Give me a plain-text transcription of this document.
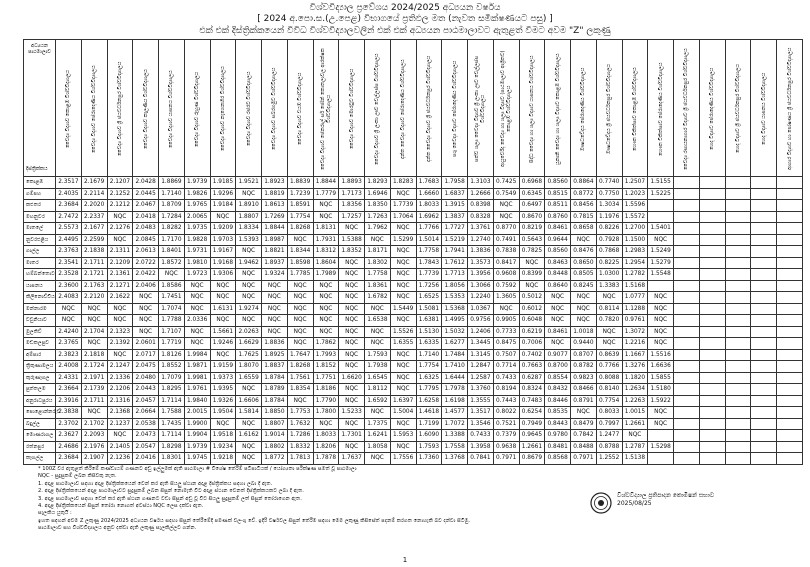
විශ්වවිද්‍යාල ප්‍රවේශය 2024/2025 අධ්‍යයන වර්ෂය
[ 2024 අ.පො.ස.(උ.පෙළ) විභාගයේ ප්‍රතිඵල මත (නැවත සමීක්ෂණයට පසු) ]
එක් එක් දිස්ත්‍රික්කයෙන් විවිධ විශ්වවිද්‍යාලවලින් එක් එක් අධ්‍යයන පාඨමාලාවට ඇතුළත් වීමට අවම "Z" ලකුණු
අධ්‍යයන පාඨමාලාව
දිස්ත්‍රික්කය	වෛද්‍ය විද්‍යාව කොළඹ විශ්වවිද්‍යාලය	වෛද්‍ය විද්‍යාව පේරාදෙණිය විශ්වවිද්‍යාලය	වෛද්‍ය විද්‍යාව ශ්‍රී ජයවර්ධනපුර විශ්වවිද්‍යාලය	වෛද්‍ය විද්‍යාව කැලණිය විශ්වවිද්‍යාලය	වෛද්‍ය විද්‍යාව යාපනය විශ්වවිද්‍යාලය	වෛද්‍ය විද්‍යාව රුහුණ විශ්වවිද්‍යාලය	වෛද්‍ය විද්‍යාව නැගෙනහිර විශ්වවිද්‍යාලය	වෛද්‍ය විද්‍යාව රජරට විශ්වවිද්‍යාලය	වෛද්‍ය විද්‍යාව සබරගමුව විශ්වවිද්‍යාලය	වෛද්‍ය විද්‍යාව වයඹ විශ්වවිද්‍යාලය	වෛද්‍ය විද්‍යාව ජෙනරාල් සර් ජෝන් කොතලාවල ආරක්ෂක විශ්වවිද්‍යාලය	වෛද්‍ය විද්‍යාව මොරටුව විශ්වවිද්‍යාලය	වෛද්‍ය විද්‍යාව ශ්‍රී ලංකා ඌව වෙල්ලස්ස විශ්වවිද්‍යාලය	දන්ත වෛද්‍ය විද්‍යාව පේරාදෙණිය විශ්වවිද්‍යාලය	දන්ත වෛද්‍ය විද්‍යාව ශ්‍රී ජයවර්ධනපුර විශ්වවිද්‍යාලය	පශු වෛද්‍ය විද්‍යාව පේරාදෙණිය විශ්වවිද්‍යාලය	සත්ව ශල්‍ය වෛද්‍ය විද්‍යාව ශ්‍රී ලංකා ඌව වෙල්ලස්ස විශ්වවිද්‍යාලය	ආයුර්වේද වෛද්‍ය හා ශල්‍ය විද්‍යාව (පාඨමාලාව ආශ්‍රිතව) කොළඹ විශ්වවිද්‍යාලය	සිද්ධ වෛද්‍ය හා ශල්‍ය විද්‍යාව යාපනය විශ්වවිද්‍යාලය	යුනානි වෛද්‍ය හා ශල්‍ය විද්‍යාව කොළඹ විශ්වවිද්‍යාලය	ඖෂධවේදය පේරාදෙණිය විශ්වවිද්‍යාලය	ඖෂධවේදය ශ්‍රී ජයවර්ධනපුර විශ්වවිද්‍යාලය	භෞත චිකිත්සාව කොළඹ විශ්වවිද්‍යාලය	භෞත චිකිත්සාව පේරාදෙණිය විශ්වවිද්‍යාලය	වෛද්‍ය රසායනාගාර විද්‍යාව ශ්‍රී ජයවර්ධනපුර විශ්වවිද්‍යාලය	හෙද විද්‍යාව පේරාදෙණිය විශ්වවිද්‍යාලය	හෙද විද්‍යාව ශ්‍රී ජයවර්ධනපුර විශ්වවිද්‍යාලය	හෙද විද්‍යාව යාපනය විශ්වවිද්‍යාලය	ආහාර විද්‍යාව හා පෝෂණය ශ්‍රී ජයවර්ධනපුර විශ්වවිද්‍යාලය

කොළඹ	2.3517	2.1679	2.1207	2.0428	1.8869	1.9739	1.9185	1.9521	1.8923	1.8839	1.8844	1.8893	1.8293	1.8283	1.7683	1.7958	1.3103	0.7425	0.6968	0.8560	0.8864	0.7740	1.2507	1.5155					
ගම්පහ	2.4035	2.2114	2.1252	2.0445	1.7140	1.9826	1.9296	NQC	1.8819	1.7239	1.7779	1.7173	1.6946	NQC	1.6660	1.6837	1.2666	0.7549	0.6345	0.8515	0.8772	0.7750	1.2023	1.5225					
කළුතර	2.3684	2.2020	2.1212	2.0467	1.8709	1.9765	1.9184	1.8910	1.8613	1.8591	NQC	1.8356	1.8350	1.7739	1.8033	1.3915	0.8398	NQC	0.6497	0.8511	0.8456	1.3034	1.5596						
මහනුවර	2.7472	2.2337	NQC	2.0418	1.7284	2.0065	NQC	1.8807	1.7269	1.7754	NQC	1.7257	1.7263	1.7064	1.6962	1.3837	0.8328	NQC	0.8670	0.8760	0.7815	1.1976	1.5572						
මාතලේ	2.5573	2.1677	2.1276	2.0483	1.8282	1.9735	1.9209	1.8334	1.8844	1.8268	1.8131	NQC	1.7962	NQC	1.7766	1.7727	1.3761	0.8770	0.8219	0.8461	0.8658	0.8226	1.2700	1.5401					
නුවරඑළිය	2.4495	2.2599	NQC	2.0845	1.7170	1.9828	1.9703	1.5393	1.8987	NQC	1.7931	1.5388	NQC	1.5299	1.5014	1.5219	1.2740	0.7491	0.5643	0.9644	NQC	0.7928	1.1500	NQC					
ගාල්ල	2.3763	2.1838	2.1311	2.0613	1.8401	1.9731	1.9167	NQC	1.8821	1.8344	1.8312	1.8352	1.8171	NQC	1.7758	1.7941	1.3836	0.7838	0.7825	0.8560	0.8476	0.7868	1.2983	1.5249					
මාතර	2.3541	2.1711	2.1209	2.0722	1.8572	1.9810	1.9168	1.9462	1.8937	1.8598	1.8604	NQC	1.8302	NQC	1.7843	1.7612	1.3573	0.8417	NQC	0.8463	0.8650	0.8225	1.2954	1.5279					
හම්බන්තොට	2.3528	2.1721	2.1361	2.0422	NQC	1.9723	1.9306	NQC	1.9324	1.7785	1.7989	NQC	1.7758	NQC	1.7739	1.7713	1.3956	0.9608	0.8399	0.8448	0.8505	1.0300	1.2782	1.5548					
යාපනය	2.3600	2.1763	2.1271	2.0406	1.8586	NQC	NQC	NQC	NQC	NQC	NQC	NQC	1.8361	NQC	1.7256	1.8056	1.3066	0.7592	NQC	0.8640	0.8245	1.3383	1.5168						
කිලිනොච්චිය	2.4083	2.2120	2.1622	NQC	1.7451	NQC	NQC	NQC	NQC	NQC	NQC	NQC	1.6782	NQC	1.6525	1.5353	1.2240	1.3605	0.5012	NQC	NQC	NQC	1.0777	NQC					
මන්නාරම	NQC	NQC	NQC	NQC	1.7074	NQC	1.6131	1.9274	NQC	NQC	NQC	NQC	NQC	1.5449	1.5081	1.5368	1.0367	NQC	0.6012	NQC	NQC	0.8114	1.1288	NQC					
වවුනියාව	NQC	NQC	NQC	NQC	1.7788	2.0336	NQC	NQC	NQC	NQC	NQC	NQC	1.6538	NQC	1.6381	1.4995	0.9756	0.9905	0.6048	NQC	NQC	0.7820	0.9761	NQC					
මුලතිව්	2.4240	2.1704	2.1323	NQC	1.7107	NQC	1.5661	2.0263	NQC	NQC	NQC	NQC	NQC	1.5526	1.5130	1.5032	1.2406	0.7733	0.6219	0.8461	1.0018	NQC	1.3072	NQC					
මඩකලපුව	2.3765	NQC	2.1392	2.0601	1.7719	NQC	1.9246	1.6629	1.8836	NQC	1.7862	NQC	NQC	1.6355	1.6335	1.6277	1.3445	0.8475	0.7006	NQC	0.9440	NQC	1.2216	NQC					
අම්පාර	2.3823	2.1818	NQC	2.0717	1.8126	1.9984	NQC	1.7625	1.8925	1.7647	1.7993	NQC	1.7593	NQC	1.7140	1.7484	1.3145	0.7507	0.7402	0.9077	0.8707	0.8639	1.1667	1.5516					
ත්‍රිකුණාමලය	2.4008	2.1724	2.1247	2.0475	1.8552	1.9871	1.9159	1.8070	1.8837	1.8268	1.8152	NQC	1.7938	NQC	1.7754	1.7410	1.2847	0.7714	0.7663	0.8700	0.8782	0.7766	1.3276	1.6636					
කුරුණෑගල	2.4331	2.1971	2.1336	2.0480	1.7079	1.9981	1.9373	1.6559	1.8784	1.7561	1.7751	1.6620	1.6545	NQC	1.6325	1.6444	1.2587	0.7433	0.6287	0.8554	0.9823	0.8088	1.1820	1.5855					
පුත්තලම	2.3664	2.1739	2.1206	2.0443	1.8295	1.9761	1.9395	NQC	1.8789	1.8354	1.8186	NQC	1.8112	NQC	1.7795	1.7978	1.3760	0.8194	0.8324	0.8432	0.8466	0.8140	1.2634	1.5180					
අනුරාධපුරය	2.3916	2.1711	2.1316	2.0457	1.7114	1.9840	1.9326	1.6606	1.8784	NQC	1.7790	NQC	1.6592	1.6397	1.6258	1.6198	1.3555	0.7443	0.7483	0.8446	0.8791	0.7754	1.2263	1.5922					
පොළොන්නරුව	2.3838	NQC	2.1368	2.0664	1.7588	2.0015	1.9504	1.5814	1.8850	1.7753	1.7800	1.5233	NQC	1.5004	1.4618	1.4577	1.3517	0.8022	0.6254	0.8535	NQC	0.8033	1.0015	NQC					
බදුල්ල	2.3702	2.1702	2.1237	2.0538	1.7435	1.9900	NQC	NQC	1.8807	1.7632	NQC	NQC	1.7375	NQC	1.7199	1.7072	1.3546	0.7521	0.7949	0.8443	0.8479	0.7997	1.2661	NQC					
මොණරාගල	2.3627	2.2093	NQC	2.0473	1.7114	1.9904	1.9518	1.6162	1.9014	1.7286	1.8033	1.7301	1.6241	1.5953	1.6090	1.3388	0.7433	0.7379	0.9645	0.9780	0.7842	1.2477	NQC						
රත්නපුර	2.4686	2.1976	2.1405	2.0547	1.8298	1.9739	1.9234	NQC	1.8802	1.8332	1.8206	NQC	1.8058	NQC	1.7593	1.7558	1.3958	0.9638	1.2661	0.8481	0.8488	0.8788	1.2787	1.5298					
කෑගල්ල	2.3684	2.1907	2.1236	2.0416	1.8301	1.9745	1.9218	NQC	1.8772	1.7813	1.7878	1.7637	NQC	1.7556	1.7360	1.3768	0.7841	0.7971	0.8679	0.8568	0.7971	1.2552	1.5138						

* 100Z වර ඇතුළත් කිරීමේ කණ්ඩායම් ගණනට අඩු ඉල්ලුමක් ඇති පාඨමාලා # විශේෂ තේරීම් පටිපාටියක් / යෝග්‍යතා පරීක්ෂණ සමත් වූ පාඨමාලා

NQC - සුදුසුකම් ලබන කිසිවකු නැත.

1. අදාළ පාඨමාලාව සඳහා අදාළ දිස්ත්‍රික්කයෙන් වෙන් කර ඇති සියලු ස්ථාන අදාළ දිස්ත්‍රික්කය සඳහා ලබා දී ඇත.

2. අදාළ දිස්ත්‍රික්කයෙන් අදාළ පාඨමාලාවට සුදුසුකම් ලබන සිසුන් නොමැති විට අදාළ ස්ථාන වෙනත් දිස්ත්‍රික්කයකට ලබා දී ඇත.

3. අදාළ පාඨමාලාව සඳහා වෙන් කර ඇති ස්ථාන ගණනට වඩා සිසුන් අඩු වූ විට සියලු සුදුසුකම් ලත් සිසුන් තෝරාගෙන ඇත.

4. අදාළ දිස්ත්‍රික්කයෙන් සිසුන් තෝරා නොගත් අවස්ථා NQC ලෙස දක්වා ඇත.

සැලකිය යුතුයි :

ඉහත සඳහන් අවම Z ලකුණු 2024/2025 අධ්‍යයන වර්ෂය සඳහා සිසුන් තේරීමේදී පමණක් වලංගු වේ. ඉදිරි වර්ෂවල සිසුන් තේරීම සඳහා මෙම ලකුණු කිසිසේත් පදනම් කරගත නොහැකි බව දන්වා සිටිමු.

පාඨමාලාව සහ විශ්වවිද්‍යාලය අනුව දක්වා ඇති ලකුණු සැලකිල්ලට ගන්න.

විශ්වවිද්‍යාල ප්‍රතිපාදන කොමිෂන් සභාව
2025/08/25
1
